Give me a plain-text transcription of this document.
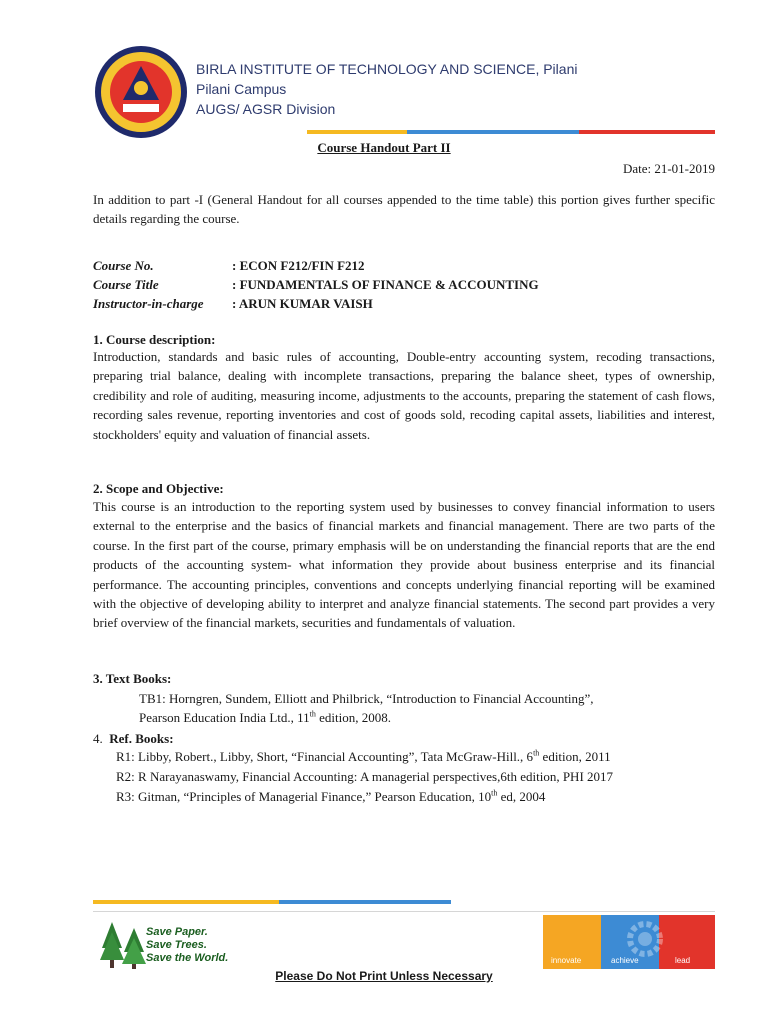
BIRLA INSTITUTE OF TECHNOLOGY AND SCIENCE, Pilani
Pilani Campus
AUGS/ AGSR Division
Course Handout Part II
Date: 21-01-2019

In addition to part -I (General Handout for all courses appended to the time table) this portion gives further specific details regarding the course.

Course No.	: ECON F212/FIN F212
Course Title	: FUNDAMENTALS OF FINANCE & ACCOUNTING
Instructor-in-charge : ARUN KUMAR VAISH
1. Course description:

Introduction, standards and basic rules of accounting, Double-entry accounting system, recoding transactions, preparing trial balance, dealing with incomplete transactions, preparing the balance sheet, types of ownership, credibility and role of auditing, measuring income, adjustments to the accounts, preparing the statement of cash flows, recording sales revenue, reporting inventories and cost of goods sold, recoding capital assets, liabilities and interest, stockholders' equity and valuation of financial assets.

2. Scope and Objective:

This course is an introduction to the reporting system used by businesses to convey financial information to users external to the enterprise and the basics of financial markets and financial management. There are two parts of the course. In the first part of the course, primary emphasis will be on understanding the financial reports that are the end products of the accounting system- what information they provide about business enterprise and its financial performance. The accounting principles, conventions and concepts underlying financial reporting will be examined with the objective of developing ability to interpret and analyze financial statements. The second part provides a very brief overview of the financial markets, securities and fundamentals of valuation.

3. Text Books:
TB1: Horngren, Sundem, Elliott and Philbrick, “Introduction to Financial Accounting”,
Pearson Education India Ltd., 11th edition, 2008.
4. Ref. Books:
R1: Libby, Robert., Libby, Short, “Financial Accounting”, Tata McGraw-Hill., 6th edition, 2011
R2: R Narayanaswamy, Financial Accounting: A managerial perspectives,6th edition, PHI 2017
R3: Gitman, “Principles of Managerial Finance,” Pearson Education, 10th ed, 2004
Save Paper.
Save Trees.
Save the World.	innovate	achieve	lead
Please Do Not Print Unless Necessary
